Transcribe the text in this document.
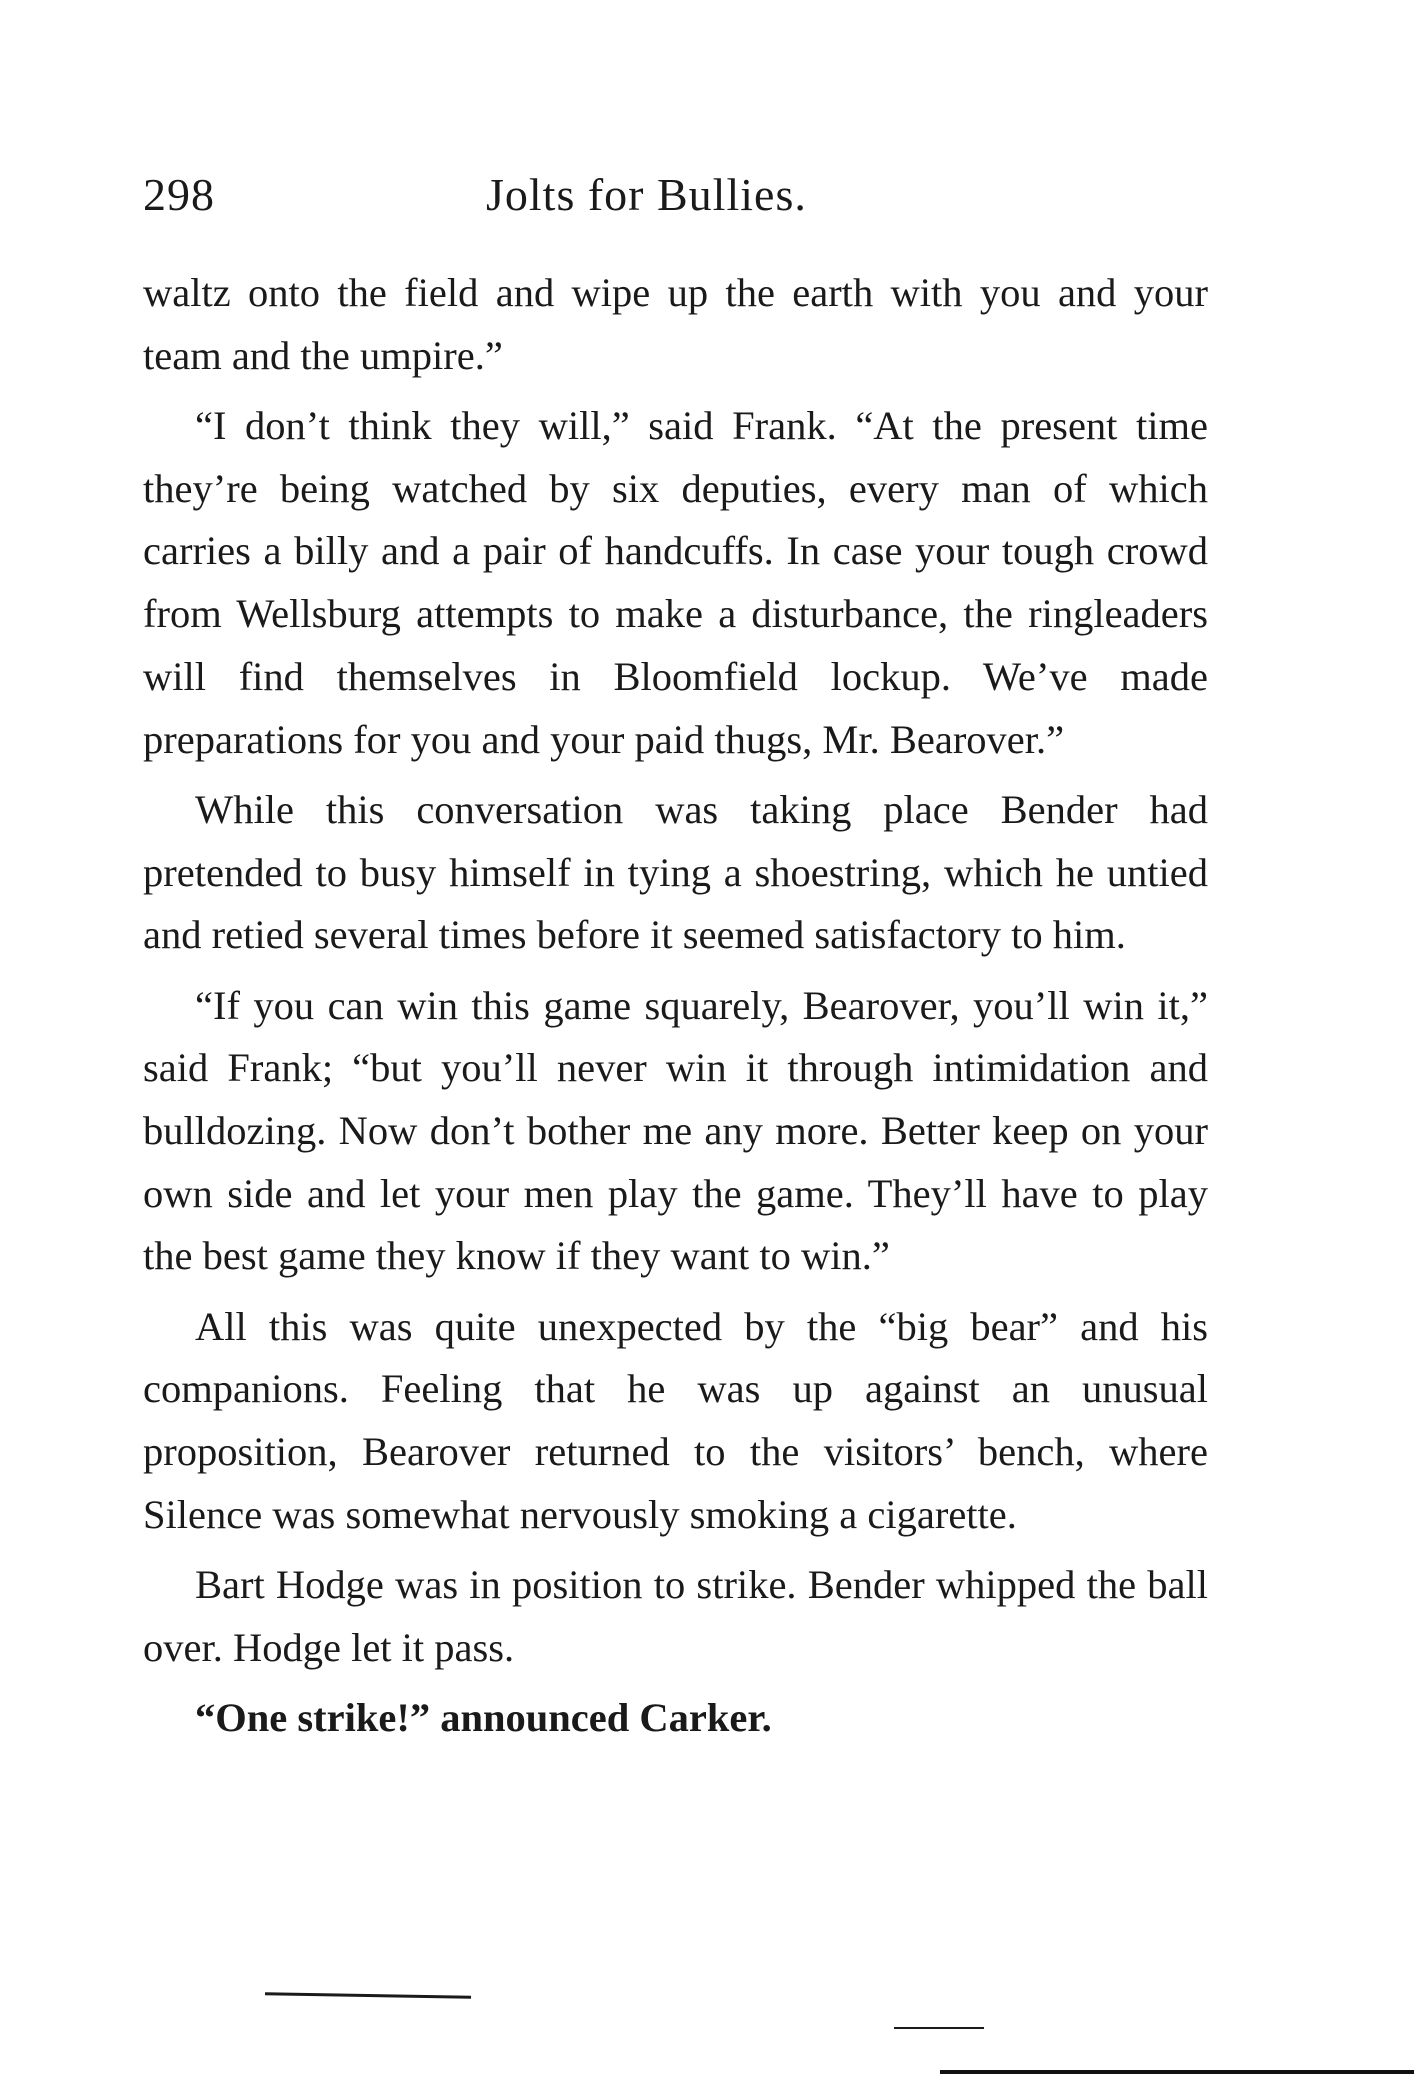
298	Jolts for Bullies.

waltz onto the field and wipe up the earth with you and your team and the umpire.”

“I don’t think they will,” said Frank. “At the present time they’re being watched by six deputies, every man of which carries a billy and a pair of handcuffs. In case your tough crowd from Wellsburg attempts to make a disturbance, the ringleaders will find themselves in Bloomfield lockup. We’ve made preparations for you and your paid thugs, Mr. Bearover.”

While this conversation was taking place Bender had pretended to busy himself in tying a shoestring, which he untied and retied several times before it seemed satisfactory to him.

“If you can win this game squarely, Bearover, you’ll win it,” said Frank; “but you’ll never win it through intimidation and bulldozing. Now don’t bother me any more. Better keep on your own side and let your men play the game. They’ll have to play the best game they know if they want to win.”

All this was quite unexpected by the “big bear” and his companions. Feeling that he was up against an unusual proposition, Bearover returned to the visitors’ bench, where Silence was somewhat nervously smoking a cigarette.

Bart Hodge was in position to strike. Bender whipped the ball over. Hodge let it pass.

“One strike!” announced Carker.
